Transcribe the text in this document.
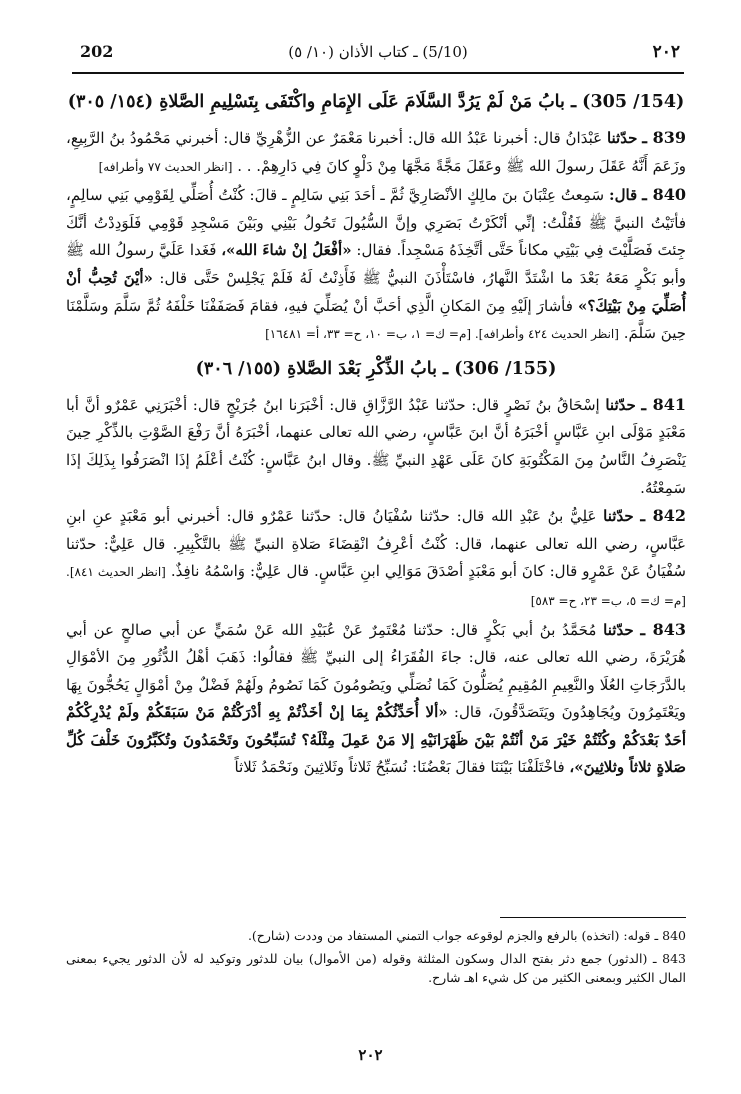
202	(5/10) ـ كتاب الأذان (١٠/ ٥)	٢٠٢
(154/ 305) ـ بابُ مَنْ لَمْ يَرُدَّ السَّلَامَ عَلَى الإِمَامِ واكْتَفَى بِتَسْلِيمِ الصَّلاةِ (١٥٤/ ٣٠٥)
839 ـ حدّثنا عَبْدَانُ قال: أخبرنا عَبْدُ الله قال: أخبرنا مَعْمَرٌ عن الزُّهْرِيِّ قال: أخبرني مَحْمُودُ بنُ الرَّبِيعِ، وزَعَمَ أَنَّهُ عَقَلَ رسولَ الله ﷺ وعَقَلَ مَجَّةً مَجَّهَا مِنْ دَلْوٍ كانَ فِي دَارِهِمْ. . . [انظر الحديث ٧٧ وأطرافه]
840 ـ قال: سَمِعتُ عِتْبَانَ بنَ مالِكٍ الأنْصَارِيَّ ثُمَّ ـ أحَدَ بَنِي سَالِمٍ ـ قالَ: كُنْتُ أُصَلِّي لِقَوْمِي بَنِي سالِمٍ، فأتَيْتُ النبيَّ ﷺ فَقُلْتُ: إنِّي أنْكَرْتُ بَصَرِي وإنَّ السُّيُولَ تَحُولُ بَيْنِي وبَيْنَ مَسْجِدِ قَوْمِي فَلَوَدِدْتُ أنَّكَ جِئتَ فَصَلَّيْتَ فِي بَيْتِي مكاناً حَتَّى أتَّخِذَهُ مَسْجِداً. فقال: «أفْعَلُ إنْ شاءَ الله»، فَغَدا عَلَيَّ رسولُ الله ﷺ وأبو بَكْرٍ مَعَهُ بَعْدَ ما اشْتَدَّ النَّهارُ، فاسْتَأْذَنَ النبيُّ ﷺ فَأَذِنْتُ لَهُ فَلَمْ يَجْلِسْ حَتَّى قال: «أيْنَ تُحِبُّ أنْ أُصَلِّيَ مِنْ بَيْتِكَ؟» فأشارَ إلَيْهِ مِنَ المَكانِ الَّذِي أحَبَّ أنْ يُصَلِّيَ فيهِ، فقامَ فَصَفَفْنَا خَلْفَهُ ثُمَّ سَلَّمَ وسَلَّمْنَا حِينَ سَلَّمَ. [انظر الحديث ٤٢٤ وأطرافه]. [م= ك= ١، ب= ١٠، ح= ٣٣، أ= ١٦٤٨١]
(155/ 306) ـ بابُ الذِّكْرِ بَعْدَ الصَّلاةِ (١٥٥/ ٣٠٦)
841 ـ حدّثنا إسْحَاقُ بنُ نَصْرٍ قال: حدّثنا عَبْدُ الرَّزَّاقِ قال: أخْبَرَنا ابنُ جُرَيْجٍ قال: أخْبَرَنِي عَمْرٌو أنَّ أبا مَعْبَدٍ مَوْلَى ابنِ عَبَّاسٍ أخْبَرَهُ أنَّ ابنَ عَبَّاسٍ، رضي الله تعالى عنهما، أخْبَرَهُ أنَّ رَفْعَ الصَّوْتِ بالذِّكْرِ حِينَ يَنْصَرِفُ النَّاسُ مِنَ المَكْتُوبَةِ كانَ عَلَى عَهْدِ النبيِّ ﷺ. وقال ابنُ عَبَّاسٍ: كُنْتُ أعْلَمُ إذَا انْصَرَفُوا بِذَلِكَ إذَا سَمِعْتُهُ.
842 ـ حدّثنا عَلِيُّ بنُ عَبْدِ الله قال: حدّثنا سُفْيَانُ قال: حدّثنا عَمْرٌو قال: أخبرني أبو مَعْبَدٍ عنِ ابنِ عَبَّاسٍ، رضي الله تعالى عنهما، قال: كُنْتُ أعْرِفُ انْقِضَاءَ صَلاةِ النبيِّ ﷺ بالتَّكْبِيرِ. قال عَلِيٌّ: حدّثنا سُفْيَانُ عَنْ عَمْرٍو قال: كانَ أبو مَعْبَدٍ أصْدَقَ مَوَالِي ابنِ عَبَّاسٍ. قال عَلِيٌّ: وَاسْمُهُ نافِذٌ. [انظر الحديث ٨٤١]. [م= ك= ٥، ب= ٢٣، ح= ٥٨٣]
843 ـ حدّثنا مُحَمَّدُ بنُ أبي بَكْرٍ قال: حدّثنا مُعْتَمِرٌ عَنْ عُبَيْدِ الله عَنْ سُمَيٍّ عن أبي صالحٍ عن أبي هُرَيْرَةَ، رضي الله تعالى عنه، قال: جاءَ الفُقَرَاءُ إلى النبيِّ ﷺ فقالُوا: ذَهَبَ أهْلُ الدُّثُورِ مِنَ الأمْوَالِ بالدَّرَجَاتِ العُلَا والنَّعِيمِ المُقِيمِ يُصَلُّونَ كَمَا نُصَلِّي ويَصُومُونَ كَمَا نَصُومُ ولَهُمْ فَضْلٌ مِنْ أمْوَالٍ يَحُجُّونَ بِهَا ويَعْتَمِرُونَ ويُجَاهِدُونَ ويَتَصَدَّقُونَ، قال: «ألا أُحَدِّثُكُمْ بِمَا إنْ أخَذْتُمْ بِهِ أدْرَكْتُمْ مَنْ سَبَقَكُمْ ولَمْ يُدْرِكْكُمْ أحَدٌ بَعْدَكُمْ وكُنْتُمْ خَيْرَ مَنْ أنْتُمْ بَيْنَ ظَهْرَانَيْهِ إلا مَنْ عَمِلَ مِثْلَهُ؟ تُسَبِّحُونَ وتَحْمَدُونَ وتُكَبِّرُونَ خَلْفَ كُلِّ صَلاةٍ ثلاثاً وثلاثِينَ»، فاخْتَلَفْنَا بَيْنَنَا فقالَ بَعْضُنَا: نُسَبِّحُ ثَلاثاً وثَلاثِينَ ونَحْمَدُ ثَلاثاً

840 ـ قوله: (اتخذه) بالرفع والجزم لوقوعه جواب التمني المستفاد من وددت (شارح).

843 ـ (الدثور) جمع دثر بفتح الدال وسكون المثلثة وقوله (من الأموال) بيان للدثور وتوكيد له لأن الدثور يجيء بمعنى المال الكثير وبمعنى الكثير من كل شيء اهـ شارح.

٢٠٢
